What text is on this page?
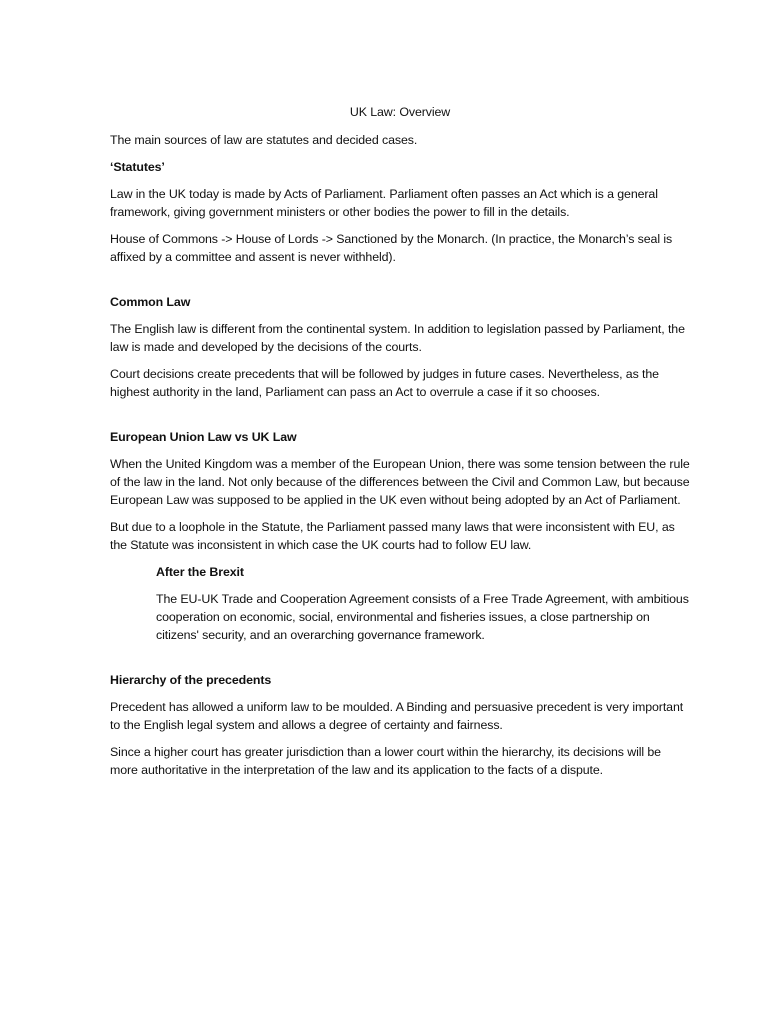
UK Law: Overview

The main sources of law are statutes and decided cases.

‘Statutes’

Law in the UK today is made by Acts of Parliament. Parliament often passes an Act which is a general framework, giving government ministers or other bodies the power to fill in the details.

House of Commons -> House of Lords -> Sanctioned by the Monarch. (In practice, the Monarch’s seal is affixed by a committee and assent is never withheld).

Common Law

The English law is different from the continental system. In addition to legislation passed by Parliament, the law is made and developed by the decisions of the courts.

Court decisions create precedents that will be followed by judges in future cases. Nevertheless, as the highest authority in the land, Parliament can pass an Act to overrule a case if it so chooses.

European Union Law vs UK Law

When the United Kingdom was a member of the European Union, there was some tension between the rule of the law in the land. Not only because of the differences between the Civil and Common Law, but because European Law was supposed to be applied in the UK even without being adopted by an Act of Parliament.

But due to a loophole in the Statute, the Parliament passed many laws that were inconsistent with EU, as the Statute was inconsistent in which case the UK courts had to follow EU law.

After the Brexit

The EU-UK Trade and Cooperation Agreement consists of a Free Trade Agreement, with ambitious cooperation on economic, social, environmental and fisheries issues, a close partnership on citizens' security, and an overarching governance framework.

Hierarchy of the precedents

Precedent has allowed a uniform law to be moulded. A Binding and persuasive precedent is very important to the English legal system and allows a degree of certainty and fairness.

Since a higher court has greater jurisdiction than a lower court within the hierarchy, its decisions will be more authoritative in the interpretation of the law and its application to the facts of a dispute.
